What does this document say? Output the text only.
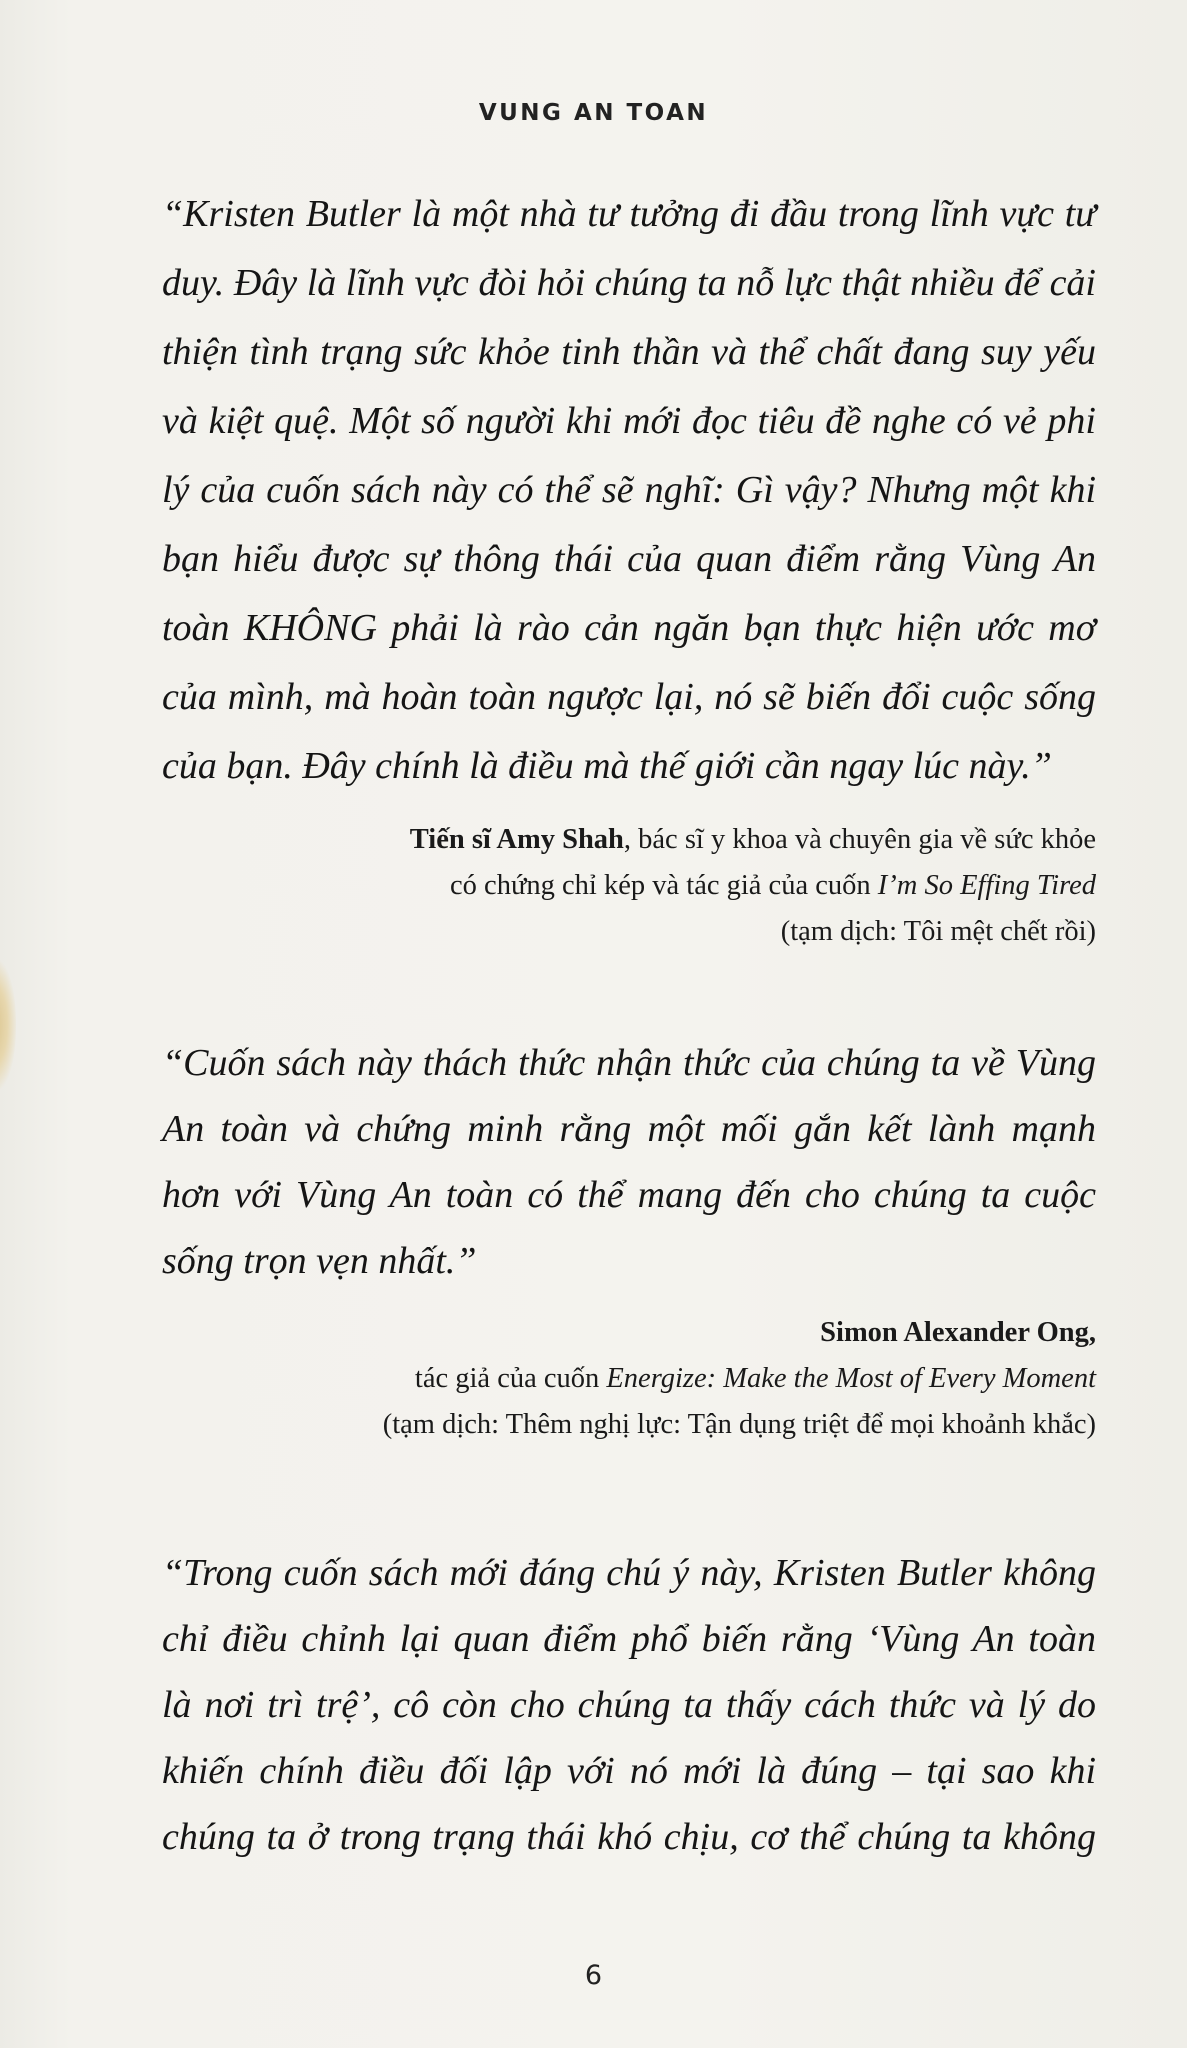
VUNG AN TOAN

“Kristen Butler là một nhà tư tưởng đi đầu trong lĩnh vực tư
duy. Đây là lĩnh vực đòi hỏi chúng ta nỗ lực thật nhiều để cải
thiện tình trạng sức khỏe tinh thần và thể chất đang suy yếu
và kiệt quệ. Một số người khi mới đọc tiêu đề nghe có vẻ phi
lý của cuốn sách này có thể sẽ nghĩ: Gì vậy? Nhưng một khi
bạn hiểu được sự thông thái của quan điểm rằng Vùng An
toàn KHÔNG phải là rào cản ngăn bạn thực hiện ước mơ
của mình, mà hoàn toàn ngược lại, nó sẽ biến đổi cuộc sống
của bạn. Đây chính là điều mà thế giới cần ngay lúc này.”

Tiến sĩ Amy Shah, bác sĩ y khoa và chuyên gia về sức khỏe
có chứng chỉ kép và tác giả của cuốn I’m So Effing Tired
(tạm dịch: Tôi mệt chết rồi)

“Cuốn sách này thách thức nhận thức của chúng ta về Vùng
An toàn và chứng minh rằng một mối gắn kết lành mạnh
hơn với Vùng An toàn có thể mang đến cho chúng ta cuộc
sống trọn vẹn nhất.”

Simon Alexander Ong,
tác giả của cuốn Energize: Make the Most of Every Moment
(tạm dịch: Thêm nghị lực: Tận dụng triệt để mọi khoảnh khắc)

“Trong cuốn sách mới đáng chú ý này, Kristen Butler không
chỉ điều chỉnh lại quan điểm phổ biến rằng ‘Vùng An toàn
là nơi trì trệ’, cô còn cho chúng ta thấy cách thức và lý do
khiến chính điều đối lập với nó mới là đúng – tại sao khi
chúng ta ở trong trạng thái khó chịu, cơ thể chúng ta không

6
